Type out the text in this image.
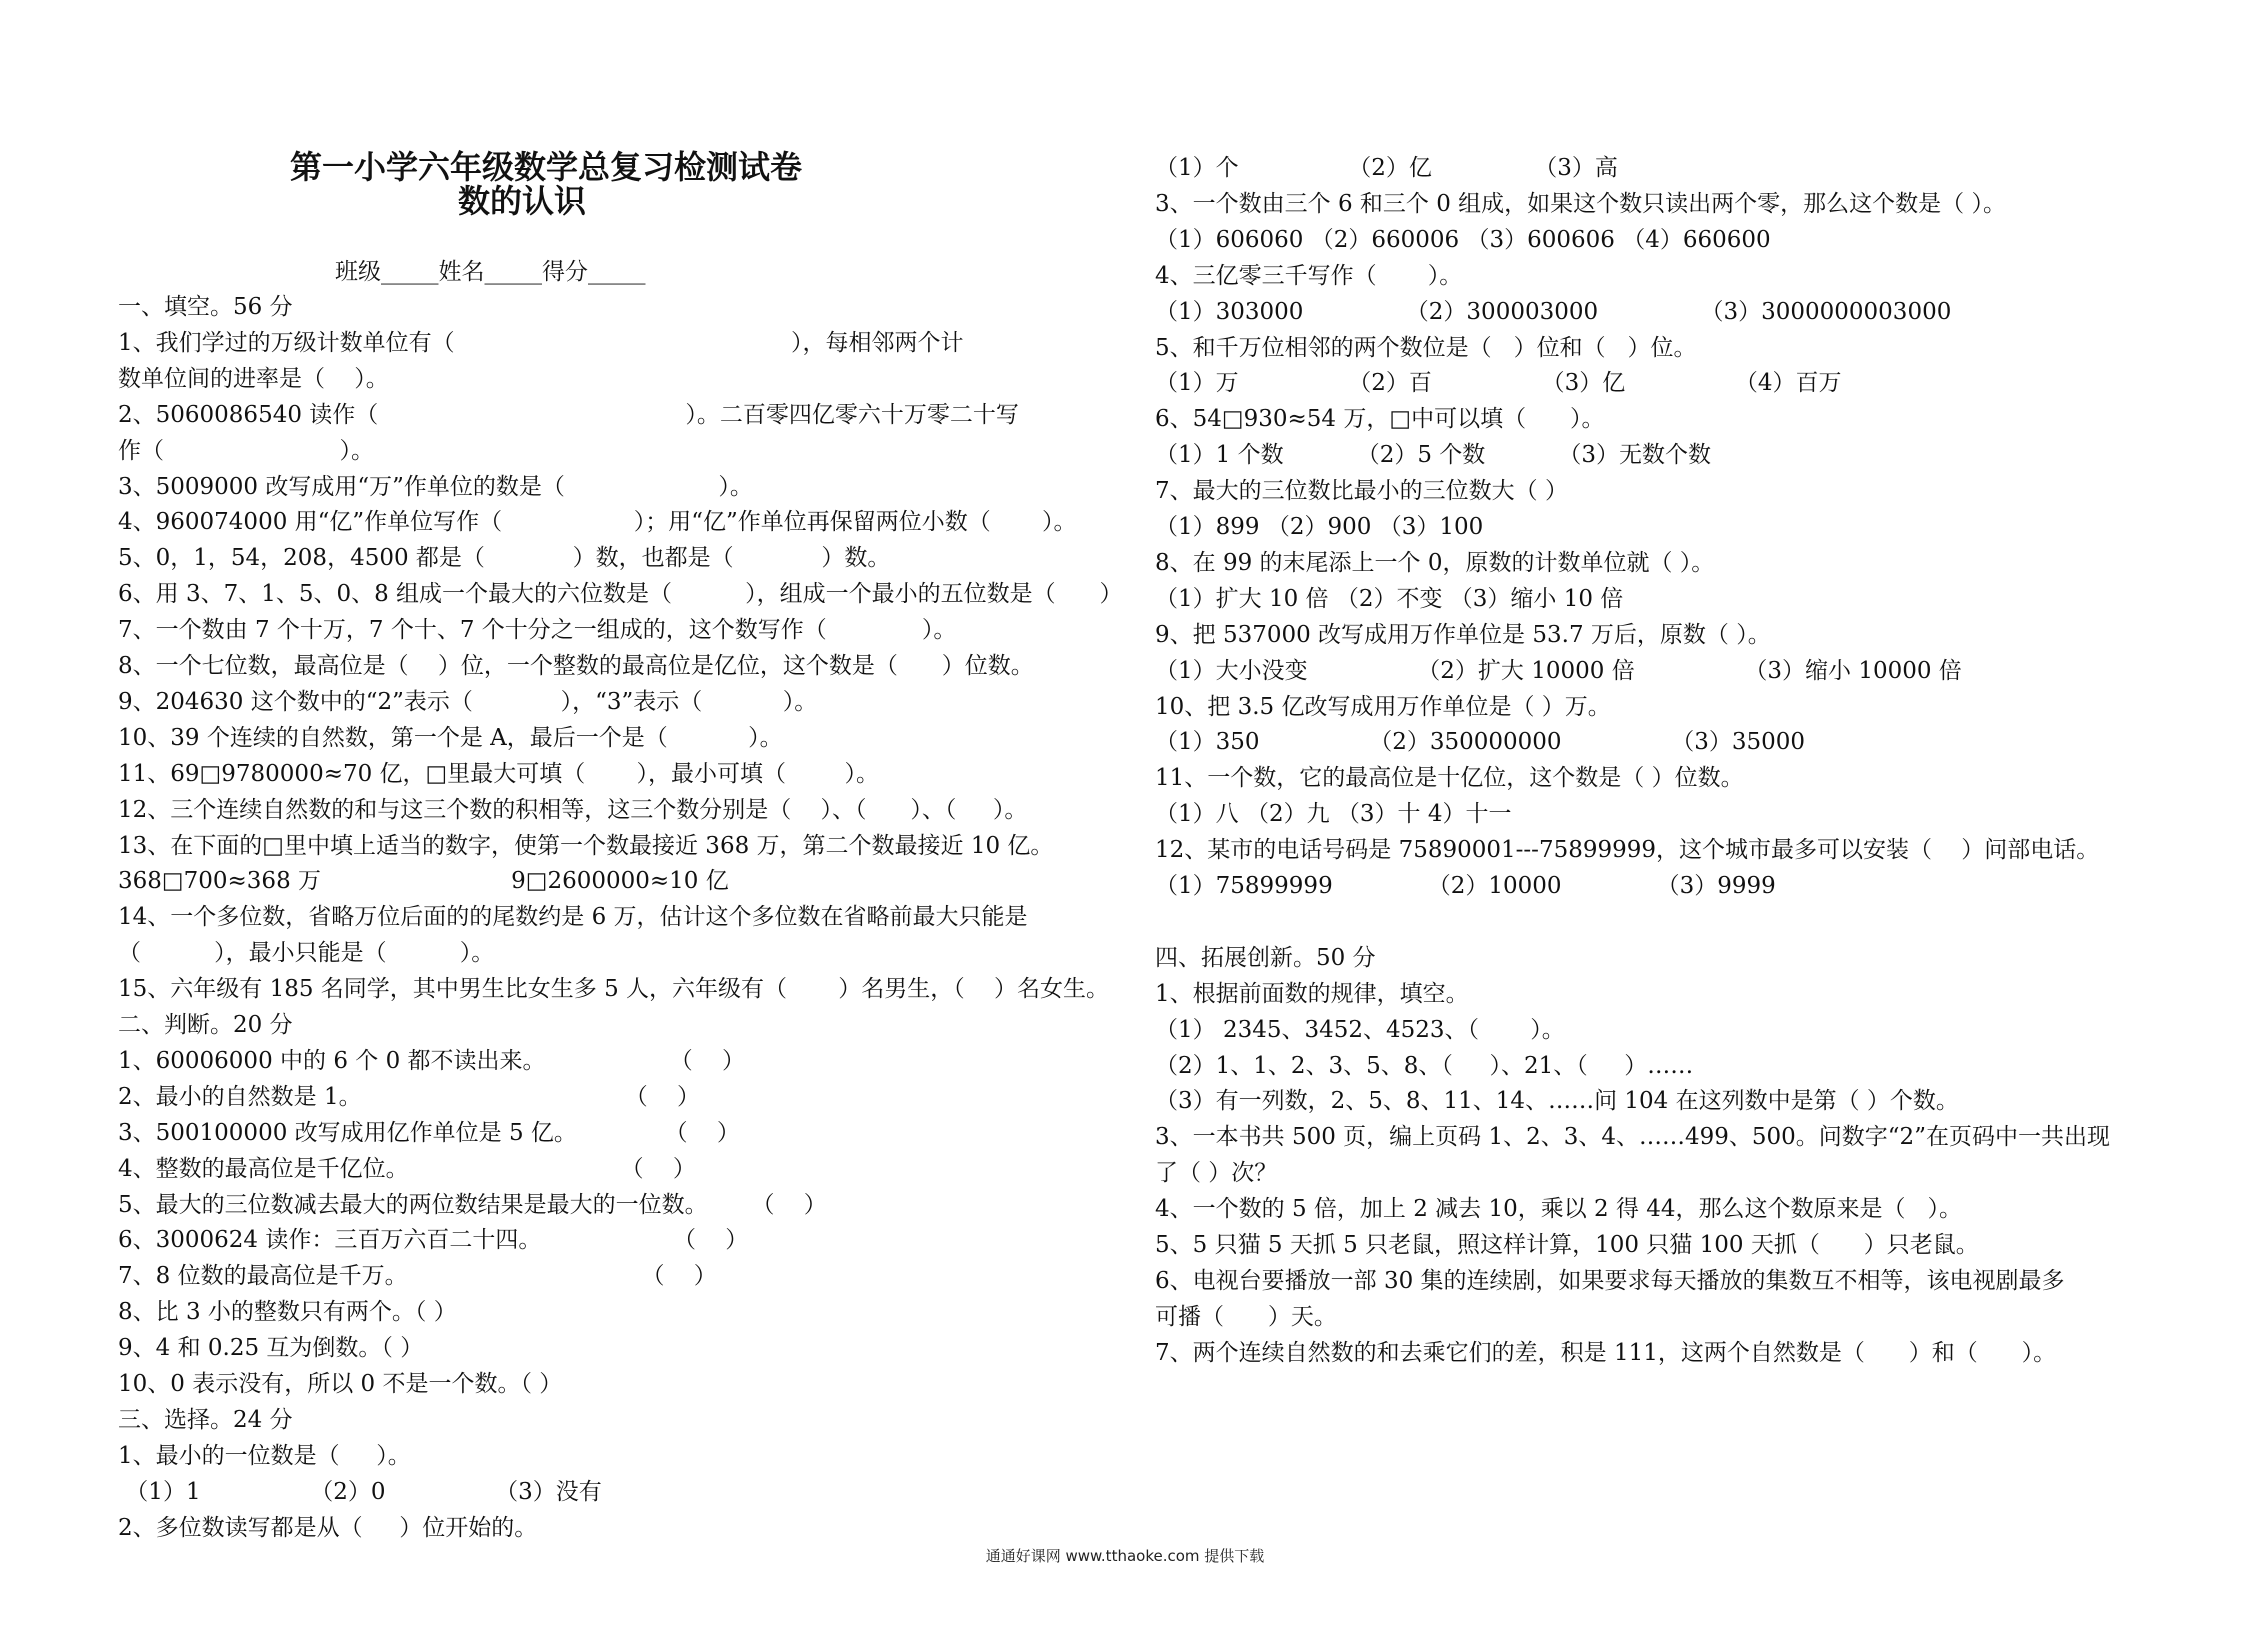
第一小学六年级数学总复习检测试卷
数的认识
班级_____姓名_____得分_____
一、填空。56 分
1、我们学过的万级计数单位有（                                              ），每相邻两个计
数单位间的进率是（    ）。
2、5060086540 读作（                                          ）。二百零四亿零六十万零二十写
作（                        ）。
3、5009000 改写成用“万”作单位的数是（                     ）。
4、960074000 用“亿”作单位写作（                  ）；用“亿”作单位再保留两位小数（       ）。
5、0，1，54，208，4500 都是（            ）数，也都是（            ）数。
6、用 3、7、1、5、0、8 组成一个最大的六位数是（          ），组成一个最小的五位数是（      ）
7、一个数由 7 个十万，7 个十、7 个十分之一组成的，这个数写作（             ）。
8、一个七位数，最高位是（    ）位，一个整数的最高位是亿位，这个数是（      ）位数。
9、204630 这个数中的“2”表示（            ），“3”表示（           ）。
10、39 个连续的自然数，第一个是 A，最后一个是（           ）。
11、69□9780000≈70 亿，□里最大可填（       ），最小可填（        ）。
12、三个连续自然数的和与这三个数的积相等，这三个数分别是（    ）、（      ）、（     ）。
13、在下面的□里中填上适当的数字，使第一个数最接近 368 万，第二个数最接近 10 亿。
368□700≈368 万                          9□2600000≈10 亿
14、一个多位数，省略万位后面的的尾数约是 6 万，估计这个多位数在省略前最大只能是
（          ），最小只能是（          ）。
15、六年级有 185 名同学，其中男生比女生多 5 人，六年级有（       ）名男生，（    ）名女生。
二、判断。20 分
1、60006000 中的 6 个 0 都不读出来。                 （    ）
2、最小的自然数是 1。                                    （    ）
3、500100000 改写成用亿作单位是 5 亿。            （    ）
4、整数的最高位是千亿位。                             （    ）
5、最大的三位数减去最大的两位数结果是最大的一位数。      （    ）
6、3000624 读作：三百万六百二十四。                  （    ）
7、8 位数的最高位是千万。                                （    ）
8、比 3 小的整数只有两个。（ ）
9、4 和 0.25 互为倒数。（ ）
10、0 表示没有，所以 0 不是一个数。（ ）
三、选择。24 分
1、最小的一位数是（     ）。
（1）1               （2）0               （3）没有
2、多位数读写都是从（     ）位开始的。
（1）个               （2）亿              （3）高
3、一个数由三个 6 和三个 0 组成，如果这个数只读出两个零，那么这个数是（ ）。
（1）606060 （2）660006 （3）600606 （4）660600
4、三亿零三千写作（       ）。
（1）303000              （2）300003000              （3）3000000003000
5、和千万位相邻的两个数位是（   ）位和（   ）位。
（1）万               （2）百               （3）亿               （4）百万
6、54□930≈54 万，□中可以填（      ）。
（1）1 个数          （2）5 个数          （3）无数个数
7、最大的三位数比最小的三位数大（ ）
（1）899 （2）900 （3）100
8、在 99 的末尾添上一个 0，原数的计数单位就（ ）。
（1）扩大 10 倍 （2）不变 （3）缩小 10 倍
9、把 537000 改写成用万作单位是 53.7 万后，原数（ ）。
（1）大小没变               （2）扩大 10000 倍               （3）缩小 10000 倍
10、把 3.5 亿改写成用万作单位是（ ）万。
（1）350               （2）350000000               （3）35000
11、一个数，它的最高位是十亿位，这个数是（ ）位数。
（1）八 （2）九 （3）十 4）十一
12、某市的电话号码是 75890001---75899999，这个城市最多可以安装（    ）问部电话。
（1）75899999             （2）10000             （3）9999
四、拓展创新。50 分
1、根据前面数的规律，填空。
（1） 2345、3452、4523、（       ）。
（2）1、1、2、3、5、8、（     ）、21、（     ）……
（3）有一列数，2、5、8、11、14、……问 104 在这列数中是第（ ）个数。
3、一本书共 500 页，编上页码 1、2、3、4、……499、500。问数字“2”在页码中一共出现
了（ ）次？
4、一个数的 5 倍，加上 2 减去 10，乘以 2 得 44，那么这个数原来是（   ）。
5、5 只猫 5 天抓 5 只老鼠，照这样计算，100 只猫 100 天抓（      ）只老鼠。
6、电视台要播放一部 30 集的连续剧，如果要求每天播放的集数互不相等，该电视剧最多
可播（      ）天。
7、两个连续自然数的和去乘它们的差，积是 111，这两个自然数是（      ）和（      ）。
通通好课网 www.tthaoke.com 提供下载
